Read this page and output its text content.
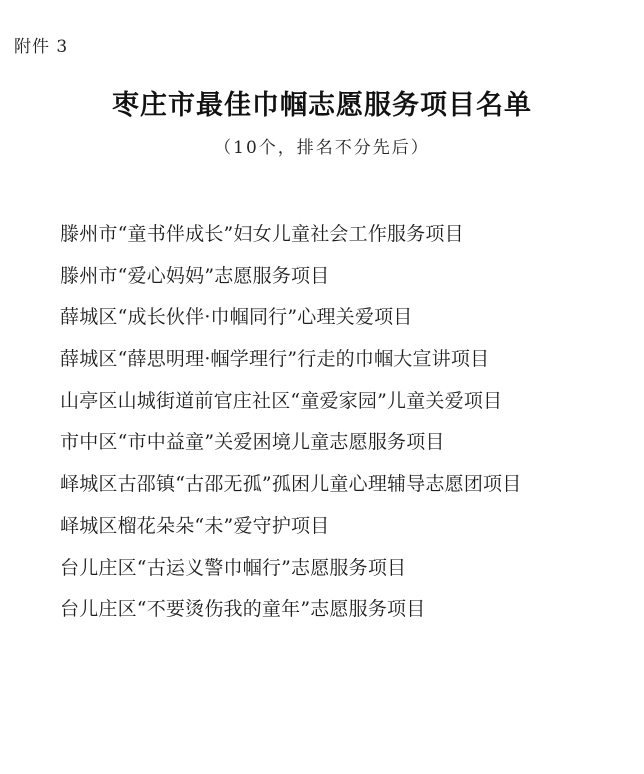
附件 3
枣庄市最佳巾帼志愿服务项目名单
（10个，排名不分先后）
滕州市“童书伴成长”妇女儿童社会工作服务项目
滕州市“爱心妈妈”志愿服务项目
薛城区“成长伙伴·巾帼同行”心理关爱项目
薛城区“薛思明理·帼学理行”行走的巾帼大宣讲项目
山亭区山城街道前官庄社区“童爱家园”儿童关爱项目
市中区“市中益童”关爱困境儿童志愿服务项目
峄城区古邵镇“古邵无孤”孤困儿童心理辅导志愿团项目
峄城区榴花朵朵“未”爱守护项目
台儿庄区“古运义警巾帼行”志愿服务项目
台儿庄区“不要烫伤我的童年”志愿服务项目
